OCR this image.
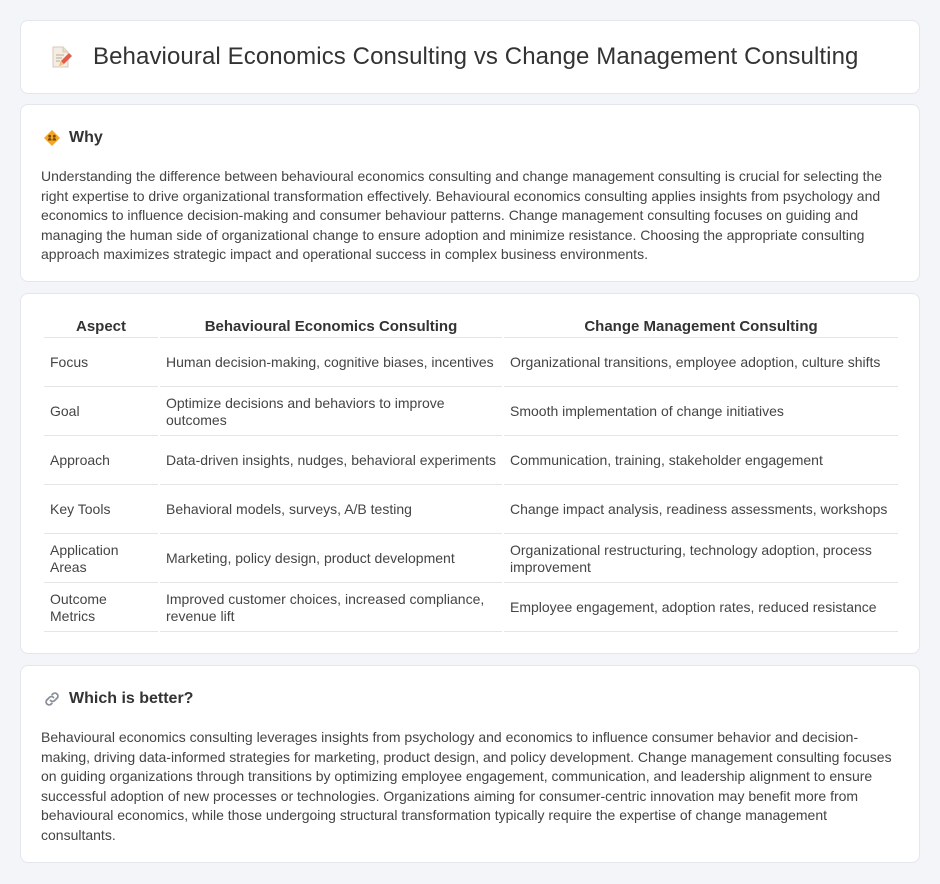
Behavioural Economics Consulting vs Change Management Consulting
Why

Understanding the difference between behavioural economics consulting and change management consulting is crucial for selecting the right expertise to drive organizational transformation effectively. Behavioural economics consulting applies insights from psychology and economics to influence decision-making and consumer behaviour patterns. Change management consulting focuses on guiding and managing the human side of organizational change to ensure adoption and minimize resistance. Choosing the appropriate consulting approach maximizes strategic impact and operational success in complex business environments.

Aspect	Behavioural Economics Consulting	Change Management Consulting
Focus	Human decision-making, cognitive biases, incentives	Organizational transitions, employee adoption, culture shifts
Goal	Optimize decisions and behaviors to improve outcomes	Smooth implementation of change initiatives
Approach	Data-driven insights, nudges, behavioral experiments	Communication, training, stakeholder engagement
Key Tools	Behavioral models, surveys, A/B testing	Change impact analysis, readiness assessments, workshops
Application Areas	Marketing, policy design, product development	Organizational restructuring, technology adoption, process improvement
Outcome Metrics	Improved customer choices, increased compliance, revenue lift	Employee engagement, adoption rates, reduced resistance
Which is better?

Behavioural economics consulting leverages insights from psychology and economics to influence consumer behavior and decision-making, driving data-informed strategies for marketing, product design, and policy development. Change management consulting focuses on guiding organizations through transitions by optimizing employee engagement, communication, and leadership alignment to ensure successful adoption of new processes or technologies. Organizations aiming for consumer-centric innovation may benefit more from behavioural economics, while those undergoing structural transformation typically require the expertise of change management consultants.
